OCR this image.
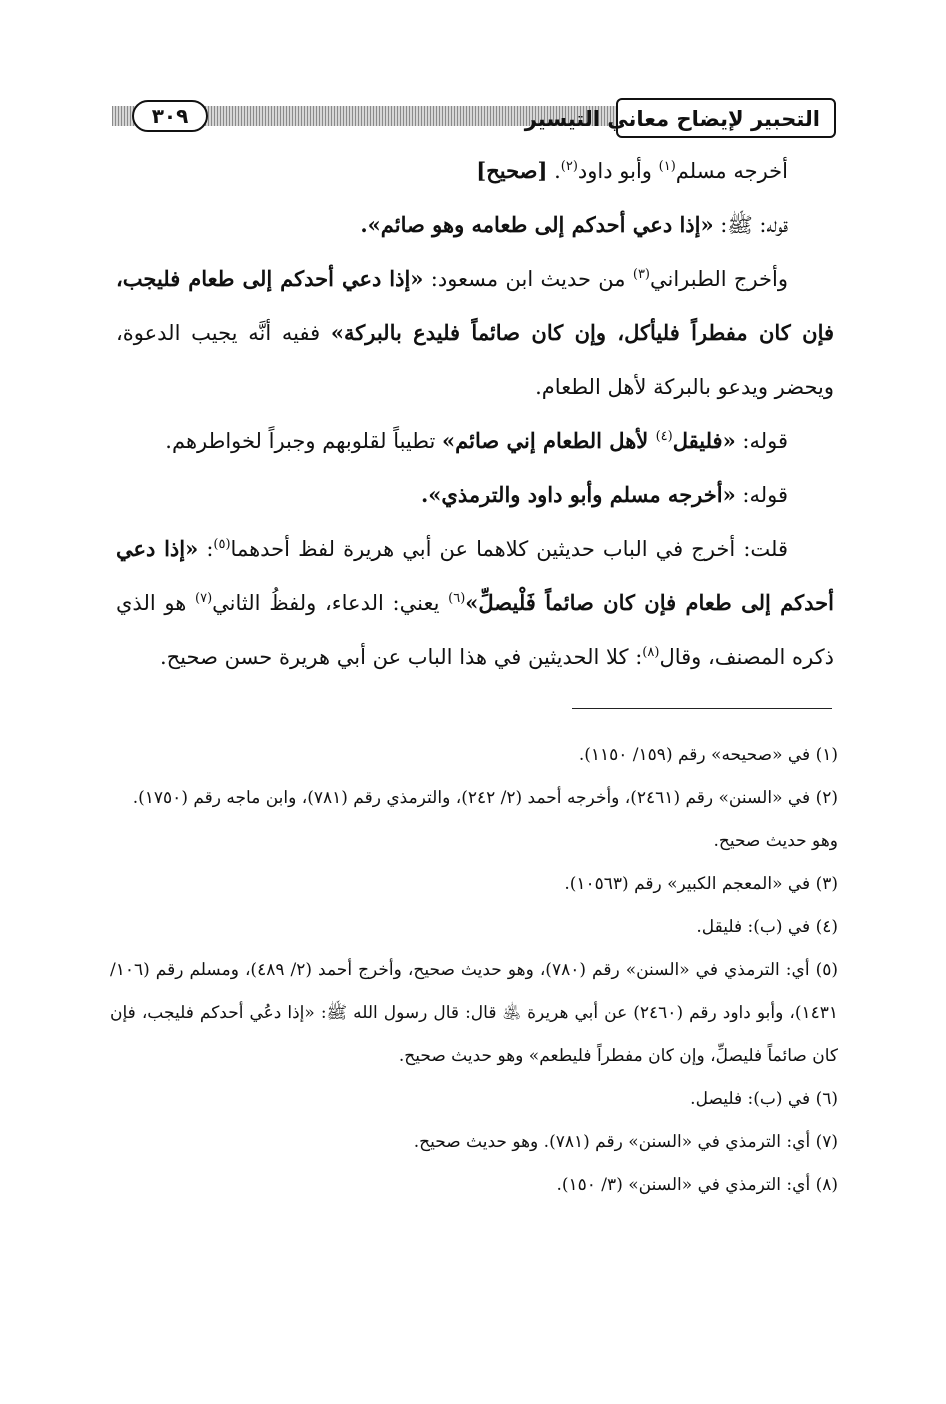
التحبير لإيضاح معاني التيسير
٣٠٩

أخرجه مسلم$^{(١)}$ وأبو داود$^{(٢)}$. [صحيح]

قوله: ﷺ: «إذا دعي أحدكم إلى طعامه وهو صائم».

وأخرج الطبراني$^{(٣)}$ من حديث ابن مسعود: «إذا دعي أحدكم إلى طعام فليجب، فإن كان مفطراً فليأكل، وإن كان صائماً فليدع بالبركة» ففيه أنَّه يجيب الدعوة، ويحضر ويدعو بالبركة لأهل الطعام.

قوله: «فليقل$^{(٤)}$ لأهل الطعام إني صائم» تطيباً لقلوبهم وجبراً لخواطرهم.

قوله: «أخرجه مسلم وأبو داود والترمذي».

قلت: أخرج في الباب حديثين كلاهما عن أبي هريرة لفظ أحدهما$^{(٥)}$: «إذا دعي أحدكم إلى طعام فإن كان صائماً فَلْيصلِّ»$^{(٦)}$ يعني: الدعاء، ولفظُ الثاني$^{(٧)}$ هو الذي ذكره المصنف، وقال$^{(٨)}$: كلا الحديثين في هذا الباب عن أبي هريرة حسن صحيح.

(١) في «صحيحه» رقم (١٥٩/ ١١٥٠).

(٢) في «السنن» رقم (٢٤٦١)، وأخرجه أحمد (٢/ ٢٤٢)، والترمذي رقم (٧٨١)، وابن ماجه رقم (١٧٥٠).

وهو حديث صحيح.

(٣) في «المعجم الكبير» رقم (١٠٥٦٣).

(٤) في (ب): فليقل.

(٥) أي: الترمذي في «السنن» رقم (٧٨٠)، وهو حديث صحيح، وأخرج أحمد (٢/ ٤٨٩)، ومسلم رقم (١٠٦/ ١٤٣١)، وأبو داود رقم (٢٤٦٠) عن أبي هريرة ﵁ قال: قال رسول الله ﷺ: «إذا دعُي أحدكم فليجب، فإن كان صائماً فليصلِّ، وإن كان مفطراً فليطعم» وهو حديث صحيح.

(٦) في (ب): فليصل.

(٧) أي: الترمذي في «السنن» رقم (٧٨١). وهو حديث صحيح.

(٨) أي: الترمذي في «السنن» (٣/ ١٥٠).
